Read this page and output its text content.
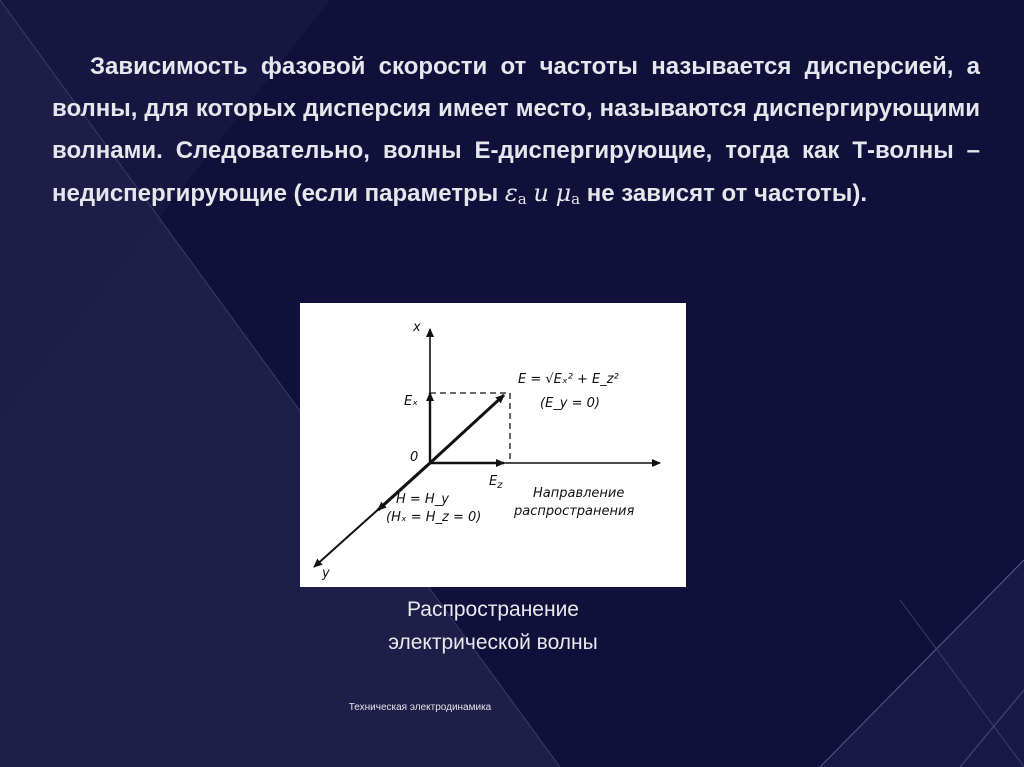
Зависимость фазовой скорости от частоты называется дисперсией, а волны, для которых дисперсия имеет место, называются диспергирующими волнами. Следовательно, волны Е-диспергирующие, тогда как Т-волны – недиспергирующие (если параметры $\varepsilon_а$ и $\mu_а$ не зависят от частоты).
x
Eₓ
0
$E_z$
y
E = √Eₓ² + E_z²
(E_y = 0)
H = H_y
(Hₓ = H_z = 0)
Направление
распространения
Распространение
электрической волны
Техническая электродинамика
